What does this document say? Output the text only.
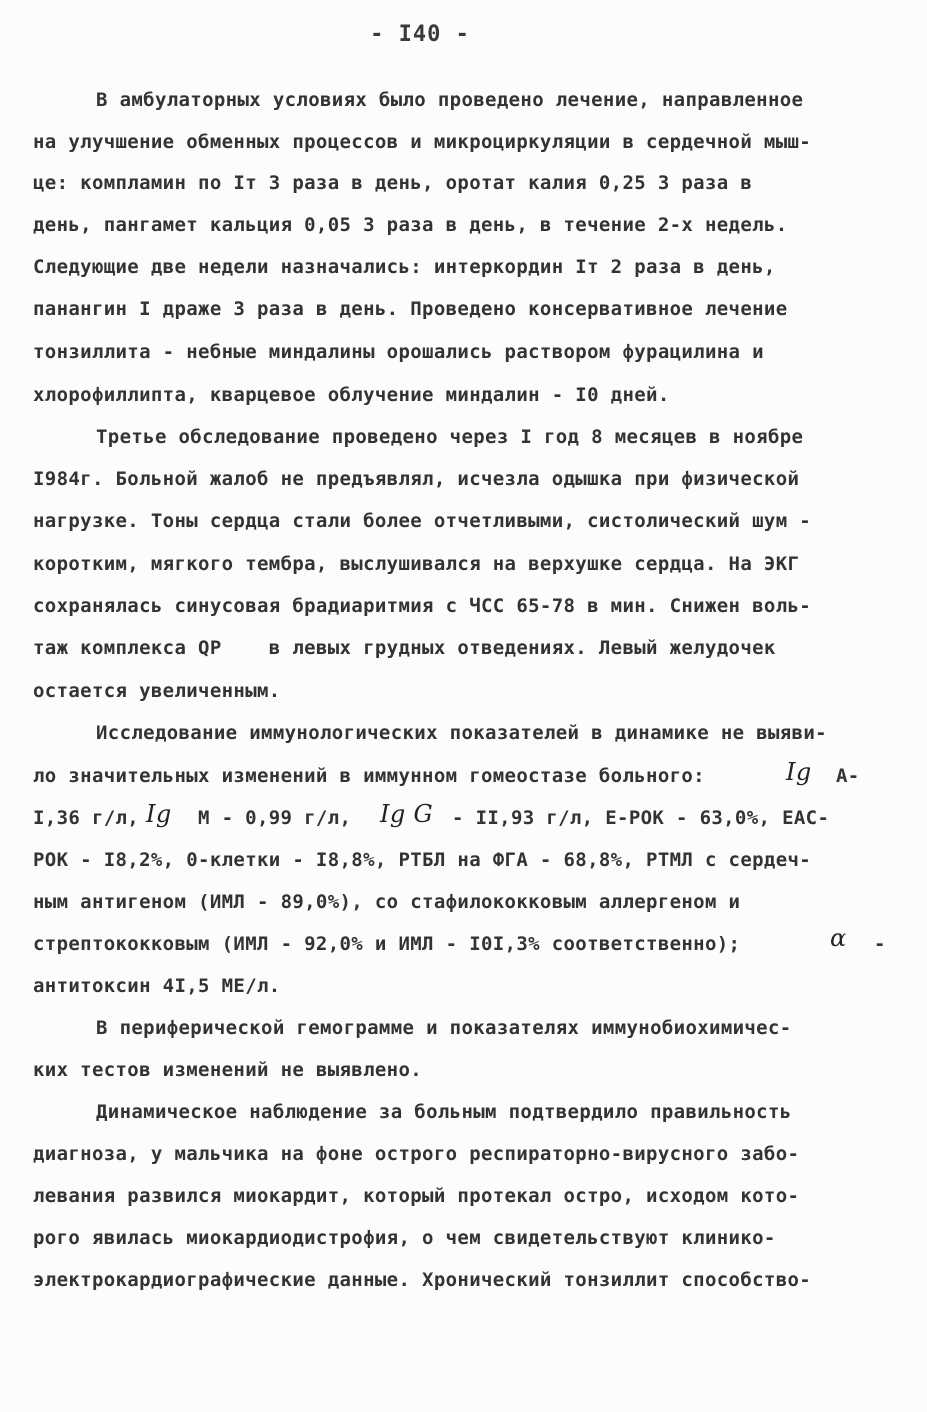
- I40 -
В амбулаторных условиях было проведено лечение, направленное
на улучшение обменных процессов и микроциркуляции в сердечной мыш-
це: компламин по Iт 3 раза в день, оротат калия 0,25 3 раза в
день, пангамет кальция 0,05 3 раза в день, в течение 2-х недель.
Следующие две недели назначались: интеркордин Iт 2 раза в день,
панангин I драже 3 раза в день. Проведено консервативное лечение
тонзиллита - небные миндалины орошались раствором фурацилина и
хлорофиллипта, кварцевое облучение миндалин - I0 дней.
Третье обследование проведено через I год 8 месяцев в ноябре
I984г. Больной жалоб не предъявлял, исчезла одышка при физической
нагрузке. Тоны сердца стали более отчетливыми, систолический шум -
коротким, мягкого тембра, выслушивался на верхушке сердца. На ЭКГ
сохранялась синусовая брадиаритмия с ЧСС 65-78 в мин. Снижен воль-
таж комплекса QP    в левых грудных отведениях. Левый желудочек
остается увеличенным.
Исследование иммунологических показателей в динамике не выяви-
ло значительных изменений в иммунном гомеостазе больного:	Ig A-
I,36 г/л, Ig M - 0,99 г/л, Ig G - II,93 г/л, E-РОК - 63,0%, EAC-
РОК - I8,2%, 0-клетки - I8,8%, РТБЛ на ФГА - 68,8%, РТМЛ с сердеч-
ным антигеном (ИМЛ - 89,0%), со стафилококковым аллергеном и
стрептококковым (ИМЛ - 92,0% и ИМЛ - I0I,3% соответственно);	α -
антитоксин 4I,5 МЕ/л.
В периферической гемограмме и показателях иммунобиохимичес-
ких тестов изменений не выявлено.
Динамическое наблюдение за больным подтвердило правильность
диагноза, у мальчика на фоне острого респираторно-вирусного забо-
левания развился миокардит, который протекал остро, исходом кото-
рого явилась миокардиодистрофия, о чем свидетельствуют клинико-
электрокардиографические данные. Хронический тонзиллит способство-
